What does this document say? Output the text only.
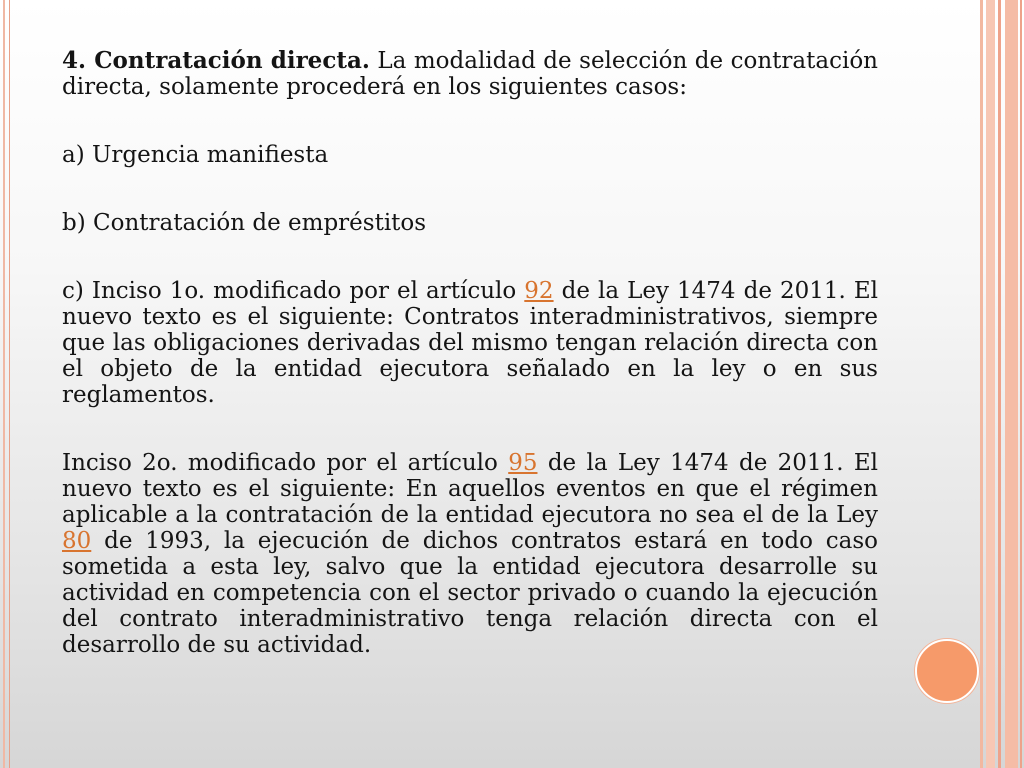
4. Contratación directa. La modalidad de selección de contratación directa, solamente procederá en los siguientes casos:

a) Urgencia manifiesta

b) Contratación de empréstitos

c) Inciso 1o. modificado por el artículo 92 de la Ley 1474 de 2011. El nuevo texto es el siguiente: Contratos interadministrativos, siempre que las obligaciones derivadas del mismo tengan relación directa con el objeto de la entidad ejecutora señalado en la ley o en sus reglamentos.

Inciso 2o. modificado por el artículo 95 de la Ley 1474 de 2011. El nuevo texto es el siguiente: En aquellos eventos en que el régimen aplicable a la contratación de la entidad ejecutora no sea el de la Ley 80 de 1993, la ejecución de dichos contratos estará en todo caso sometida a esta ley, salvo que la entidad ejecutora desarrolle su actividad en competencia con el sector privado o cuando la ejecución del contrato interadministrativo tenga relación directa con el desarrollo de su actividad.
